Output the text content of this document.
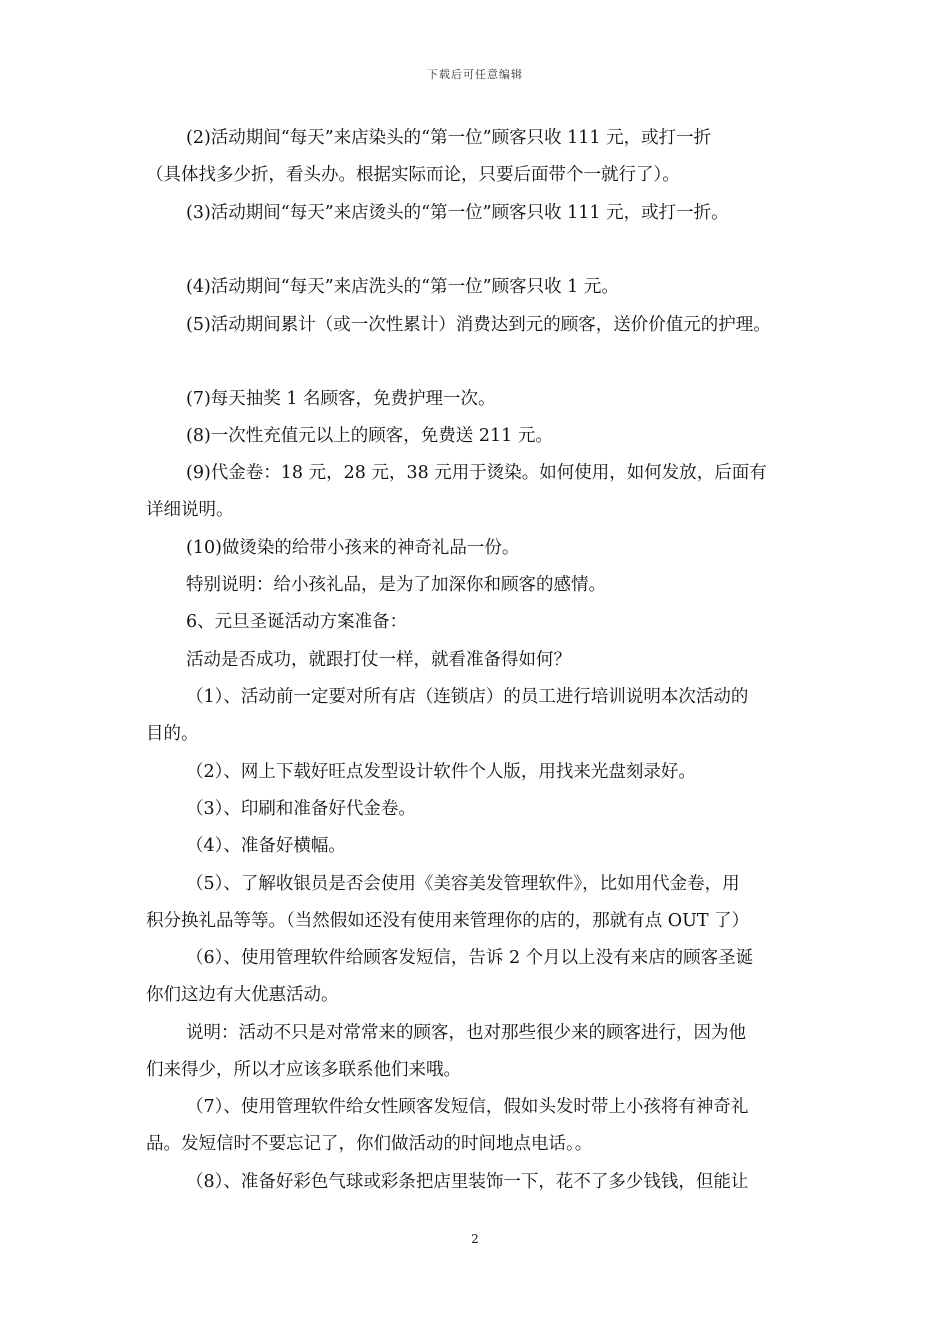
下载后可任意编辑
(2)活动期间“每天”来店染头的“第一位”顾客只收 111 元，或打一折
（具体找多少折，看头办。根据实际而论，只要后面带个一就行了）。
(3)活动期间“每天”来店烫头的“第一位”顾客只收 111 元，或打一折。
(4)活动期间“每天”来店洗头的“第一位”顾客只收 1 元。
(5)活动期间累计（或一次性累计）消费达到元的顾客，送价价值元的护理。
(7)每天抽奖 1 名顾客，免费护理一次。
(8)一次性充值元以上的顾客，免费送 211 元。
(9)代金卷：18 元，28 元，38 元用于烫染。如何使用，如何发放，后面有
详细说明。
(10)做烫染的给带小孩来的神奇礼品一份。
特别说明：给小孩礼品，是为了加深你和顾客的感情。
6、元旦圣诞活动方案准备：
活动是否成功，就跟打仗一样，就看准备得如何？
（1）、活动前一定要对所有店（连锁店）的员工进行培训说明本次活动的
目的。
（2）、网上下载好旺点发型设计软件个人版，用找来光盘刻录好。
（3）、印刷和准备好代金卷。
（4）、准备好横幅。
（5）、了解收银员是否会使用《美容美发管理软件》，比如用代金卷，用
积分换礼品等等。（当然假如还没有使用来管理你的店的，那就有点 OUT 了）
（6）、使用管理软件给顾客发短信，告诉 2 个月以上没有来店的顾客圣诞
你们这边有大优惠活动。
说明：活动不只是对常常来的顾客，也对那些很少来的顾客进行，因为他
们来得少，所以才应该多联系他们来哦。
（7）、使用管理软件给女性顾客发短信，假如头发时带上小孩将有神奇礼
品。发短信时不要忘记了，你们做活动的时间地点电话。。
（8）、准备好彩色气球或彩条把店里装饰一下，花不了多少钱钱，但能让
2
